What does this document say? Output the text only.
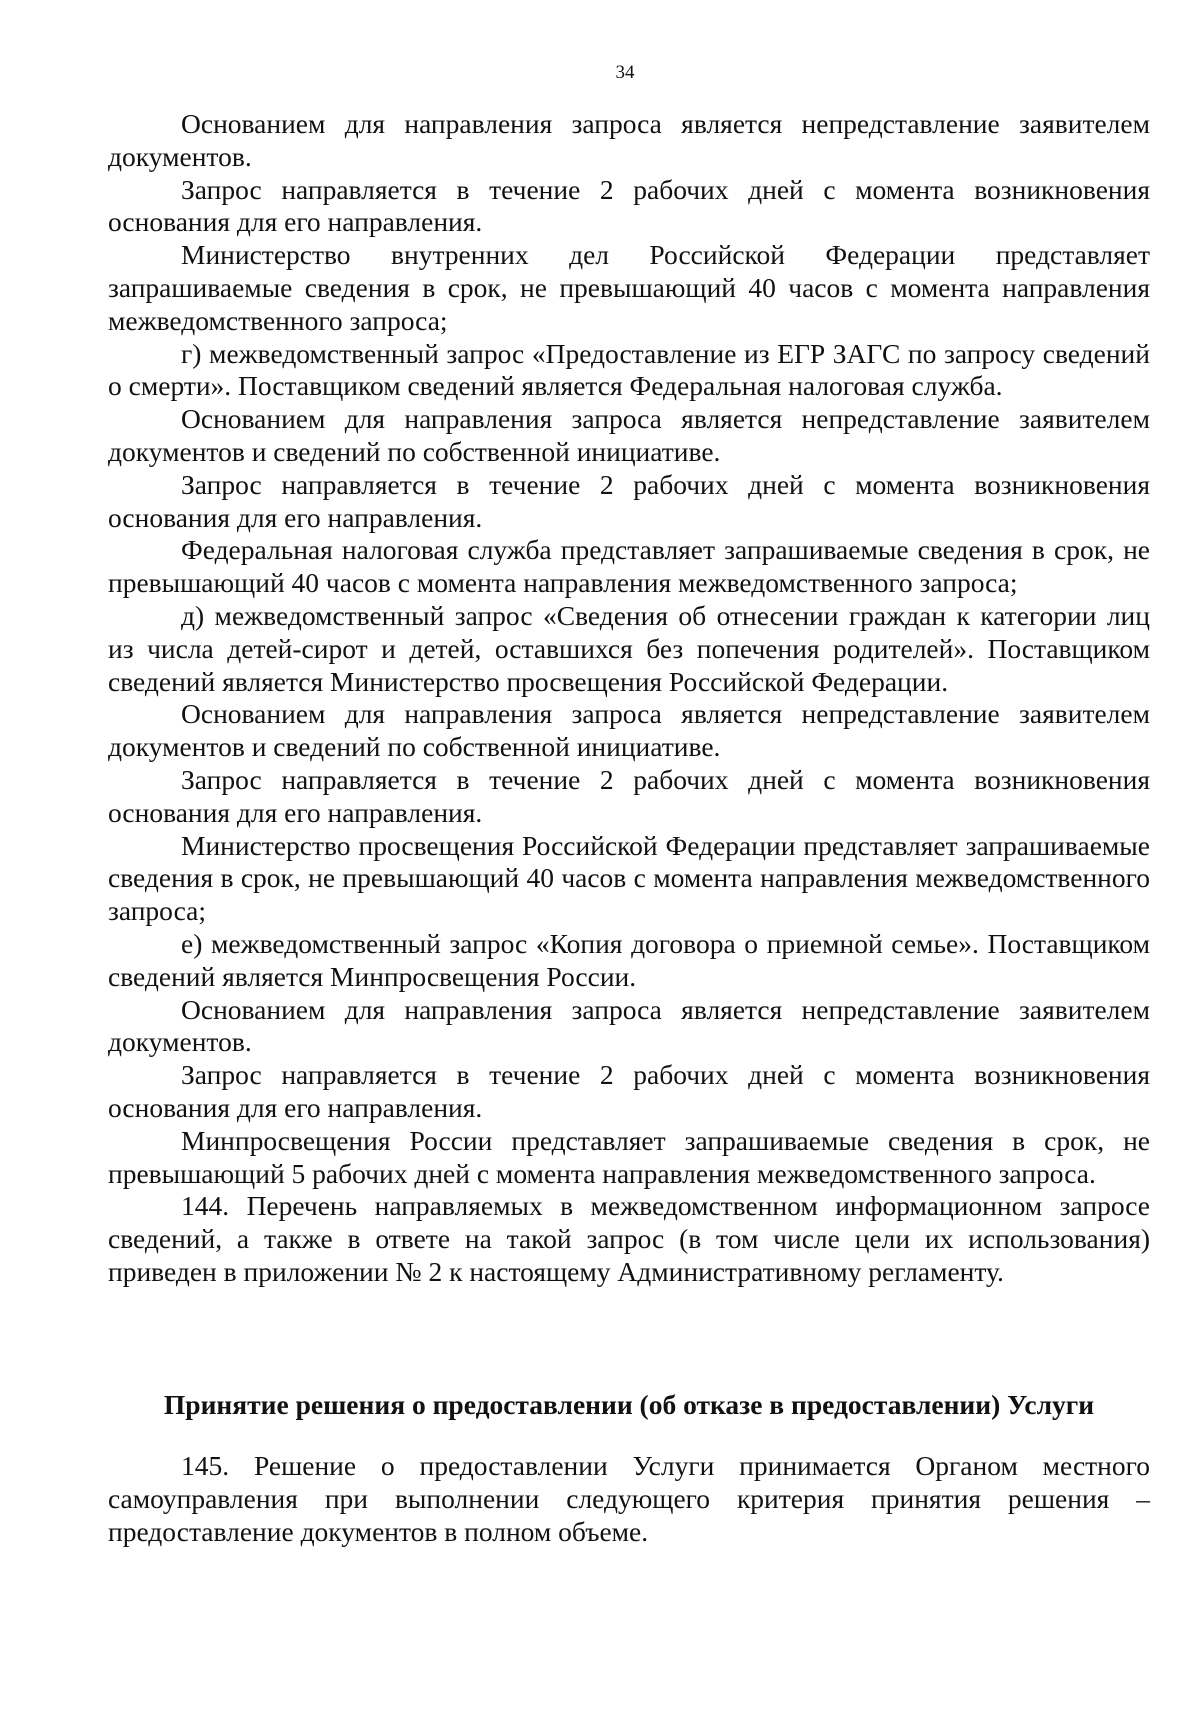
34

Основанием для направления запроса является непредставление заявителем документов.

Запрос направляется в течение 2 рабочих дней с момента возникновения основания для его направления.

Министерство внутренних дел Российской Федерации представляет запрашиваемые сведения в срок, не превышающий 40 часов с момента направления межведомственного запроса;

г) межведомственный запрос «Предоставление из ЕГР ЗАГС по запросу сведений о смерти». Поставщиком сведений является Федеральная налоговая служба.

Основанием для направления запроса является непредставление заявителем документов и сведений по собственной инициативе.

Запрос направляется в течение 2 рабочих дней с момента возникновения основания для его направления.

Федеральная налоговая служба представляет запрашиваемые сведения в срок, не превышающий 40 часов с момента направления межведомственного запроса;

д) межведомственный запрос «Сведения об отнесении граждан к категории лиц из числа детей-сирот и детей, оставшихся без попечения родителей». Поставщиком сведений является Министерство просвещения Российской Федерации.

Основанием для направления запроса является непредставление заявителем документов и сведений по собственной инициативе.

Запрос направляется в течение 2 рабочих дней с момента возникновения основания для его направления.

Министерство просвещения Российской Федерации представляет запрашиваемые сведения в срок, не превышающий 40 часов с момента направления межведомственного запроса;

е) межведомственный запрос «Копия договора о приемной семье». Поставщиком сведений является Минпросвещения России.

Основанием для направления запроса является непредставление заявителем документов.

Запрос направляется в течение 2 рабочих дней с момента возникновения основания для его направления.

Минпросвещения России представляет запрашиваемые сведения в срок, не превышающий 5 рабочих дней с момента направления межведомственного запроса.

144. Перечень направляемых в межведомственном информационном запросе сведений, а также в ответе на такой запрос (в том числе цели их использования) приведен в приложении № 2 к настоящему Административному регламенту.

Принятие решения о предоставлении (об отказе в предоставлении) Услуги

145. Решение о предоставлении Услуги принимается Органом местного самоуправления при выполнении следующего критерия принятия решения – предоставление документов в полном объеме.
